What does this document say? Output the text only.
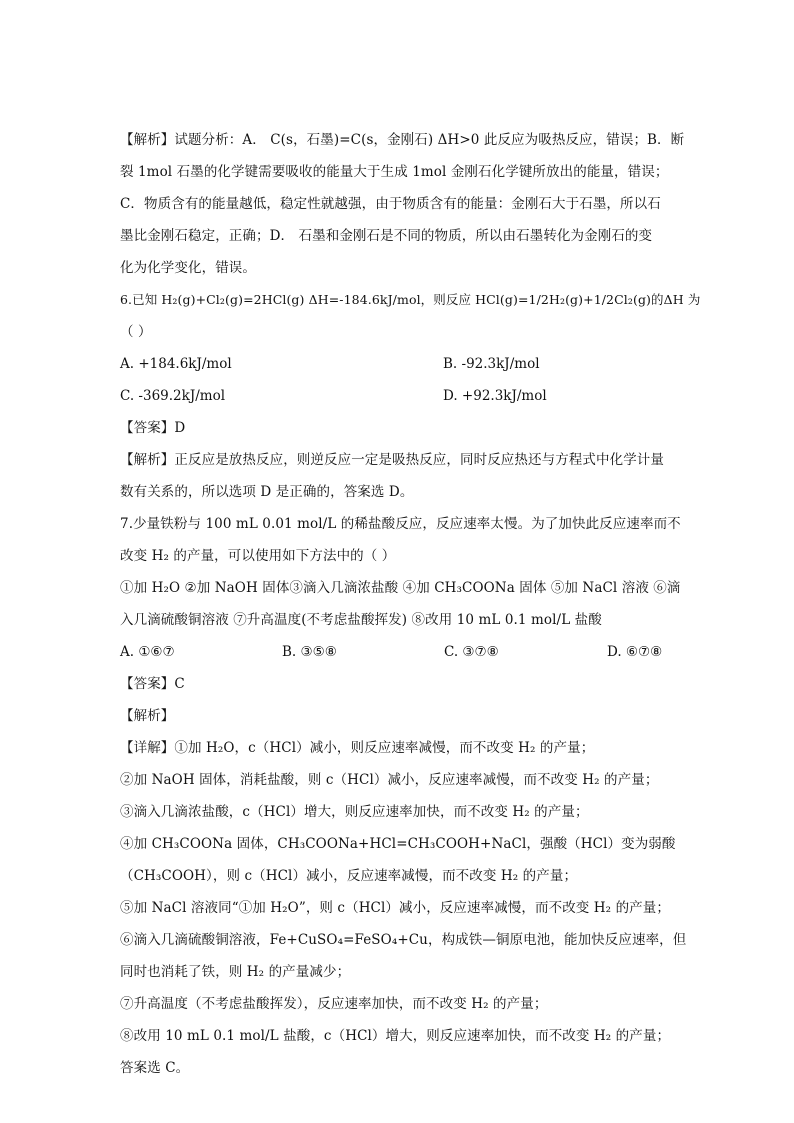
【解析】试题分析：A． C(s，石墨)=C(s，金刚石) ΔH>0 此反应为吸热反应，错误；B．断
裂 1mol 石墨的化学键需要吸收的能量大于生成 1mol 金刚石化学键所放出的能量，错误；
C．物质含有的能量越低，稳定性就越强，由于物质含有的能量：金刚石大于石墨，所以石
墨比金刚石稳定，正确；D． 石墨和金刚石是不同的物质，所以由石墨转化为金刚石的变
化为化学变化，错误。
6.已知 H₂(g)+Cl₂(g)=2HCl(g) ΔH=-184.6kJ/mol，则反应 HCl(g)=1/2H₂(g)+1/2Cl₂(g)的ΔH 为
（ ）
A. +184.6kJ/mol	B. -92.3kJ/mol
C. -369.2kJ/mol	D. +92.3kJ/mol
【答案】D
【解析】正反应是放热反应，则逆反应一定是吸热反应，同时反应热还与方程式中化学计量
数有关系的，所以选项 D 是正确的，答案选 D。
7.少量铁粉与 100 mL 0.01 mol/L 的稀盐酸反应，反应速率太慢。为了加快此反应速率而不
改变 H₂ 的产量，可以使用如下方法中的（ ）
①加 H₂O ②加 NaOH 固体③滴入几滴浓盐酸 ④加 CH₃COONa 固体 ⑤加 NaCl 溶液 ⑥滴
入几滴硫酸铜溶液 ⑦升高温度(不考虑盐酸挥发) ⑧改用 10 mL 0.1 mol/L 盐酸
A. ①⑥⑦	B. ③⑤⑧	C. ③⑦⑧	D. ⑥⑦⑧
【答案】C
【解析】
【详解】①加 H₂O，c（HCl）减小，则反应速率减慢，而不改变 H₂ 的产量；
②加 NaOH 固体，消耗盐酸，则 c（HCl）减小，反应速率减慢，而不改变 H₂ 的产量；
③滴入几滴浓盐酸，c（HCl）增大，则反应速率加快，而不改变 H₂ 的产量；
④加 CH₃COONa 固体，CH₃COONa+HCl=CH₃COOH+NaCl，强酸（HCl）变为弱酸
（CH₃COOH），则 c（HCl）减小，反应速率减慢，而不改变 H₂ 的产量；
⑤加 NaCl 溶液同“①加 H₂O”，则 c（HCl）减小，反应速率减慢，而不改变 H₂ 的产量；
⑥滴入几滴硫酸铜溶液，Fe+CuSO₄=FeSO₄+Cu，构成铁—铜原电池，能加快反应速率，但
同时也消耗了铁，则 H₂ 的产量减少；
⑦升高温度（不考虑盐酸挥发），反应速率加快，而不改变 H₂ 的产量；
⑧改用 10 mL 0.1 mol/L 盐酸，c（HCl）增大，则反应速率加快，而不改变 H₂ 的产量；
答案选 C。
